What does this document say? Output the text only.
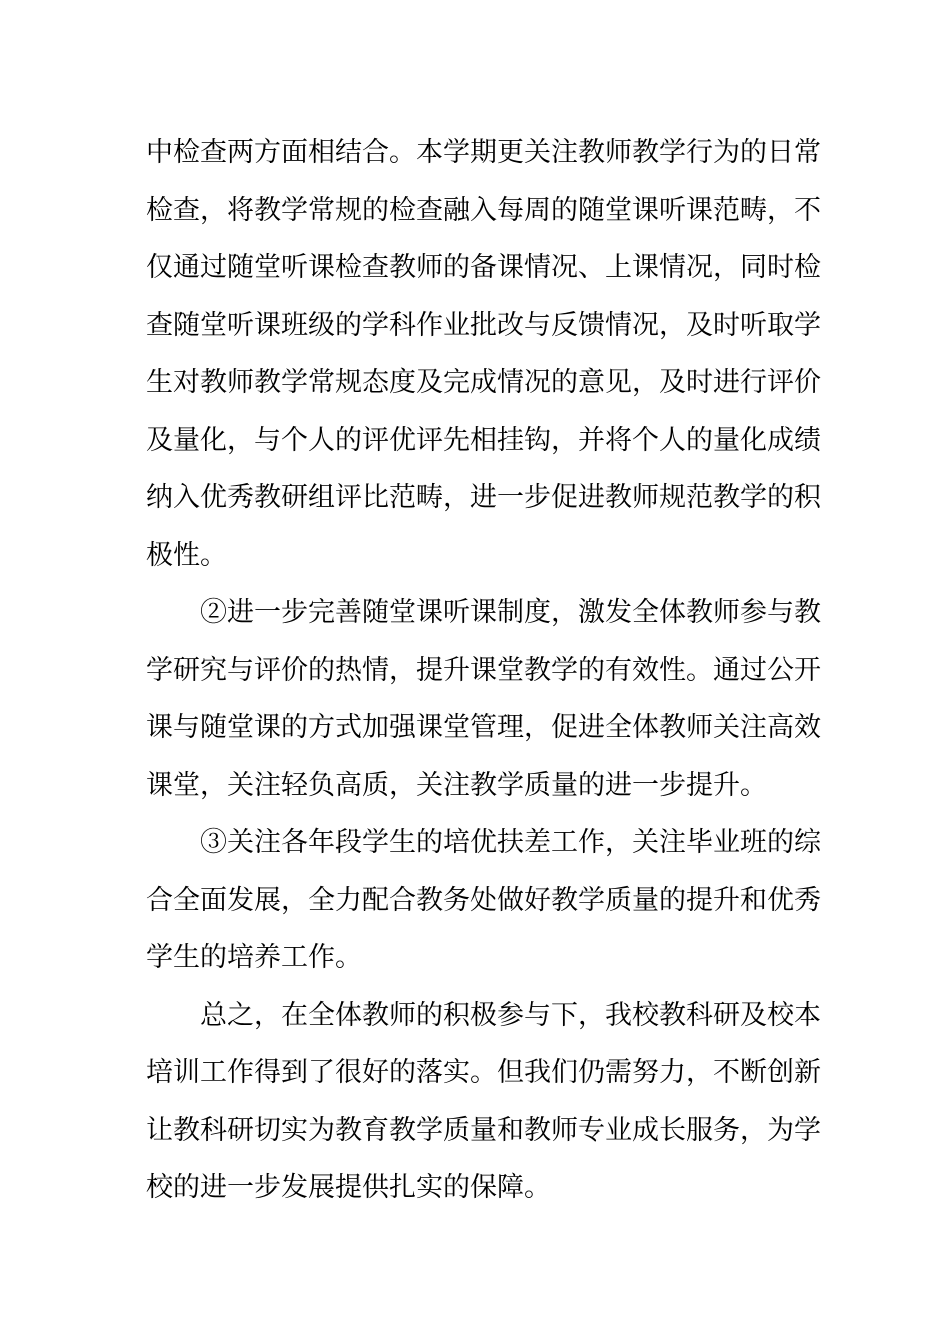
中检查两方面相结合。本学期更关注教师教学行为的日常
检查，将教学常规的检查融入每周的随堂课听课范畴，不
仅通过随堂听课检查教师的备课情况、上课情况，同时检
查随堂听课班级的学科作业批改与反馈情况，及时听取学
生对教师教学常规态度及完成情况的意见，及时进行评价
及量化，与个人的评优评先相挂钩，并将个人的量化成绩
纳入优秀教研组评比范畴，进一步促进教师规范教学的积
极性。
　　②进一步完善随堂课听课制度，激发全体教师参与教
学研究与评价的热情，提升课堂教学的有效性。通过公开
课与随堂课的方式加强课堂管理，促进全体教师关注高效
课堂，关注轻负高质，关注教学质量的进一步提升。
　　③关注各年段学生的培优扶差工作，关注毕业班的综
合全面发展，全力配合教务处做好教学质量的提升和优秀
学生的培养工作。
　　总之，在全体教师的积极参与下，我校教科研及校本
培训工作得到了很好的落实。但我们仍需努力，不断创新
让教科研切实为教育教学质量和教师专业成长服务，为学
校的进一步发展提供扎实的保障。
